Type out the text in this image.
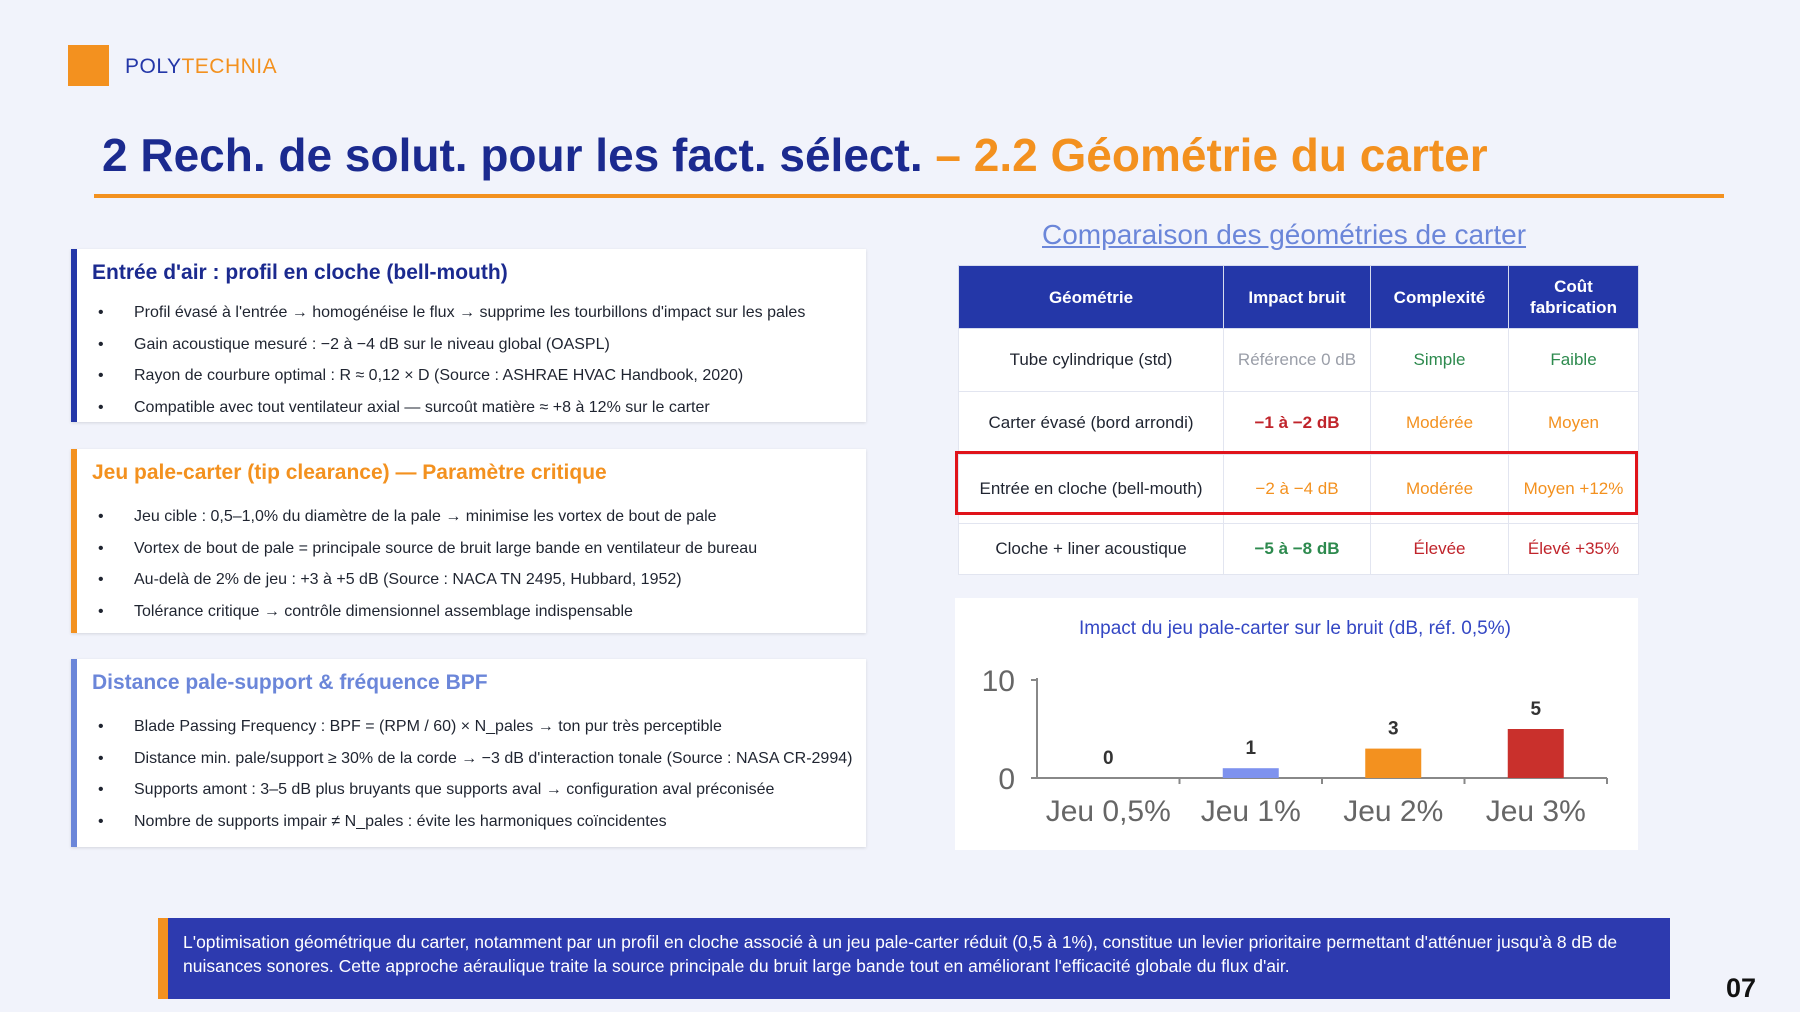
POLYTECHNIA
2 Rech. de solut. pour les fact. sélect. – 2.2 Géométrie du carter
Entrée d'air : profil en cloche (bell-mouth)
• Profil évasé à l'entrée → homogénéise le flux → supprime les tourbillons d'impact sur les pales
• Gain acoustique mesuré : −2 à −4 dB sur le niveau global (OASPL)
• Rayon de courbure optimal : R ≈ 0,12 × D (Source : ASHRAE HVAC Handbook, 2020)
• Compatible avec tout ventilateur axial — surcoût matière ≈ +8 à 12% sur le carter
Jeu pale-carter (tip clearance) — Paramètre critique
• Jeu cible : 0,5–1,0% du diamètre de la pale → minimise les vortex de bout de pale
• Vortex de bout de pale = principale source de bruit large bande en ventilateur de bureau
• Au-delà de 2% de jeu : +3 à +5 dB (Source : NACA TN 2495, Hubbard, 1952)
• Tolérance critique → contrôle dimensionnel assemblage indispensable
Distance pale-support & fréquence BPF
• Blade Passing Frequency : BPF = (RPM / 60) × N_pales → ton pur très perceptible
• Distance min. pale/support ≥ 30% de la corde → −3 dB d'interaction tonale (Source : NASA CR-2994)
• Supports amont : 3–5 dB plus bruyants que supports aval → configuration aval préconisée
• Nombre de supports impair ≠ N_pales : évite les harmoniques coïncidentes
Comparaison des géométries de carter
Géométrie	Impact bruit	Complexité	Coût fabrication
Tube cylindrique (std)	Référence 0 dB	Simple	Faible
Carter évasé (bord arrondi)	−1 à −2 dB	Modérée	Moyen
Entrée en cloche (bell-mouth)	−2 à −4 dB	Modérée	Moyen +12%
Cloche + liner acoustique	−5 à −8 dB	Élevée	Élevé +35%
Impact du jeu pale-carter sur le bruit (dB, réf. 0,5%)
0
10
0
Jeu 0,5%
1
Jeu 1%
3
Jeu 2%
5
Jeu 3%

L'optimisation géométrique du carter, notamment par un profil en cloche associé à un jeu pale-carter réduit (0,5 à 1%), constitue un levier prioritaire permettant d'atténuer jusqu'à 8 dB de nuisances sonores. Cette approche aéraulique traite la source principale du bruit large bande tout en améliorant l'efficacité globale du flux d'air.

07
